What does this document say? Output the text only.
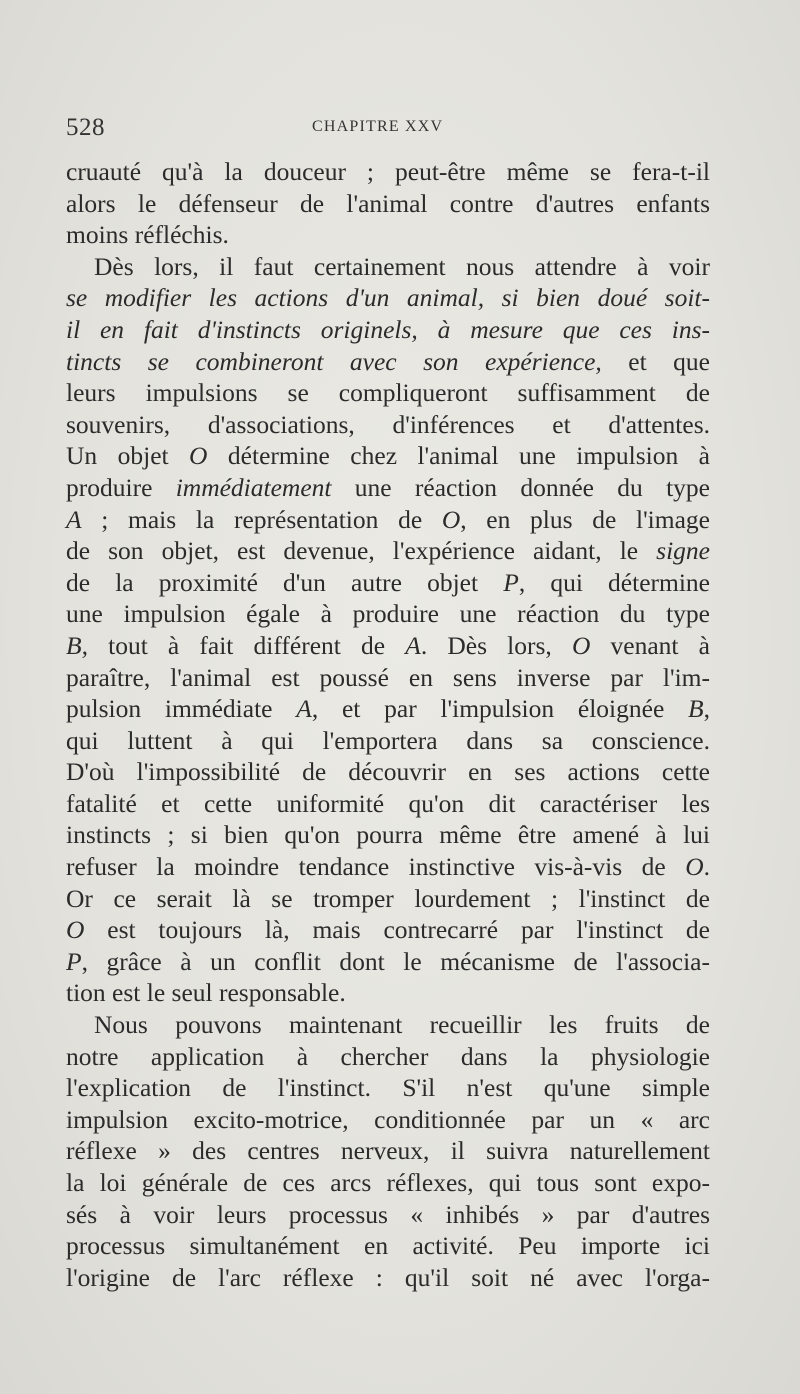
528	CHAPITRE XXV
cruauté qu'à la douceur ; peut-être même se fera-t-il
alors le défenseur de l'animal contre d'autres enfants
moins réfléchis.
Dès lors, il faut certainement nous attendre à voir
se modifier les actions d'un animal, si bien doué soit-
il en fait d'instincts originels, à mesure que ces ins-
tincts se combineront avec son expérience, et que
leurs impulsions se compliqueront suffisamment de
souvenirs, d'associations, d'inférences et d'attentes.
Un objet O détermine chez l'animal une impulsion à
produire immédiatement une réaction donnée du type
A ; mais la représentation de O, en plus de l'image
de son objet, est devenue, l'expérience aidant, le signe
de la proximité d'un autre objet P, qui détermine
une impulsion égale à produire une réaction du type
B, tout à fait différent de A. Dès lors, O venant à
paraître, l'animal est poussé en sens inverse par l'im-
pulsion immédiate A, et par l'impulsion éloignée B,
qui luttent à qui l'emportera dans sa conscience.
D'où l'impossibilité de découvrir en ses actions cette
fatalité et cette uniformité qu'on dit caractériser les
instincts ; si bien qu'on pourra même être amené à lui
refuser la moindre tendance instinctive vis-à-vis de O.
Or ce serait là se tromper lourdement ; l'instinct de
O est toujours là, mais contrecarré par l'instinct de
P, grâce à un conflit dont le mécanisme de l'associa-
tion est le seul responsable.
Nous pouvons maintenant recueillir les fruits de
notre application à chercher dans la physiologie
l'explication de l'instinct. S'il n'est qu'une simple
impulsion excito-motrice, conditionnée par un « arc
réflexe » des centres nerveux, il suivra naturellement
la loi générale de ces arcs réflexes, qui tous sont expo-
sés à voir leurs processus « inhibés » par d'autres
processus simultanément en activité. Peu importe ici
l'origine de l'arc réflexe : qu'il soit né avec l'orga-
